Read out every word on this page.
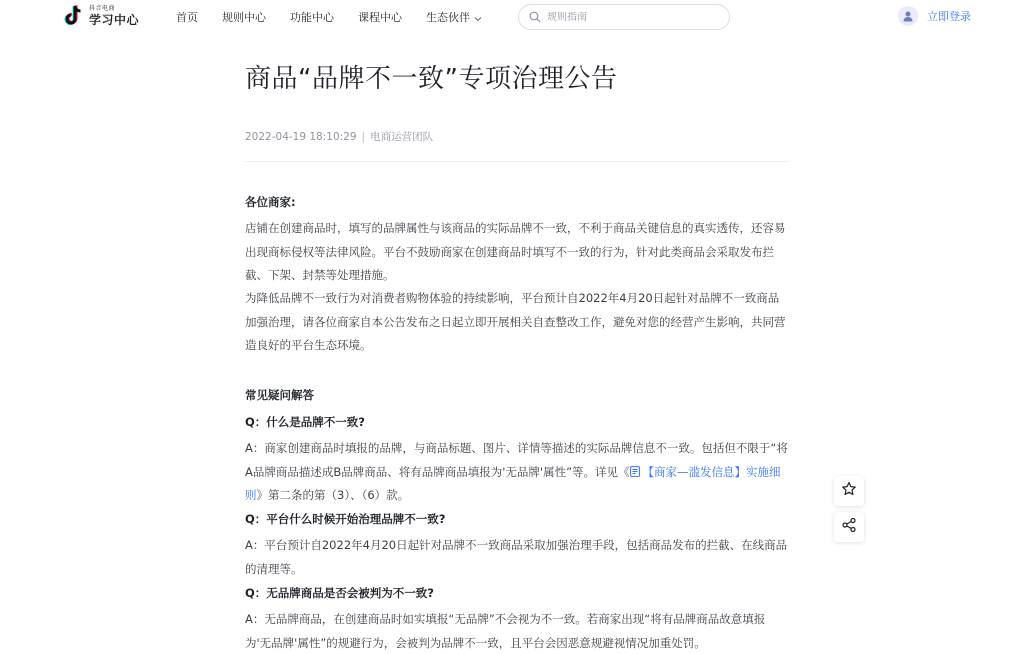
抖音电商
学习中心	首页 规则中心 功能中心 课程中心 生态伙伴
规则指南	立即登录
商品“品牌不一致”专项治理公告
2022-04-19 18:10:29 | 电商运营团队
各位商家:
店铺在创建商品时，填写的品牌属性与该商品的实际品牌不一致，不利于商品关键信息的真实透传，还容易出现商标侵权等法律风险。平台不鼓励商家在创建商品时填写不一致的行为，针对此类商品会采取发布拦截、下架、封禁等处理措施。
为降低品牌不一致行为对消费者购物体验的持续影响，平台预计自2022年4月20日起针对品牌不一致商品加强治理，请各位商家自本公告发布之日起立即开展相关自查整改工作，避免对您的经营产生影响，共同营造良好的平台生态环境。
常见疑问解答
Q：什么是品牌不一致?
A：商家创建商品时填报的品牌，与商品标题、图片、详情等描述的实际品牌信息不一致。包括但不限于“将A品牌商品描述成B品牌商品、将有品牌商品填报为'无品牌'属性”等。详见《 【商家—滥发信息】实施细则》第二条的第（3）、（6）款。
Q：平台什么时候开始治理品牌不一致?
A：平台预计自2022年4月20日起针对品牌不一致商品采取加强治理手段，包括商品发布的拦截、在线商品的清理等。
Q：无品牌商品是否会被判为不一致?
A：无品牌商品，在创建商品时如实填报“无品牌”不会视为不一致。若商家出现“将有品牌商品故意填报为'无品牌'属性”的规避行为，会被判为品牌不一致，且平台会因恶意规避视情况加重处罚。
